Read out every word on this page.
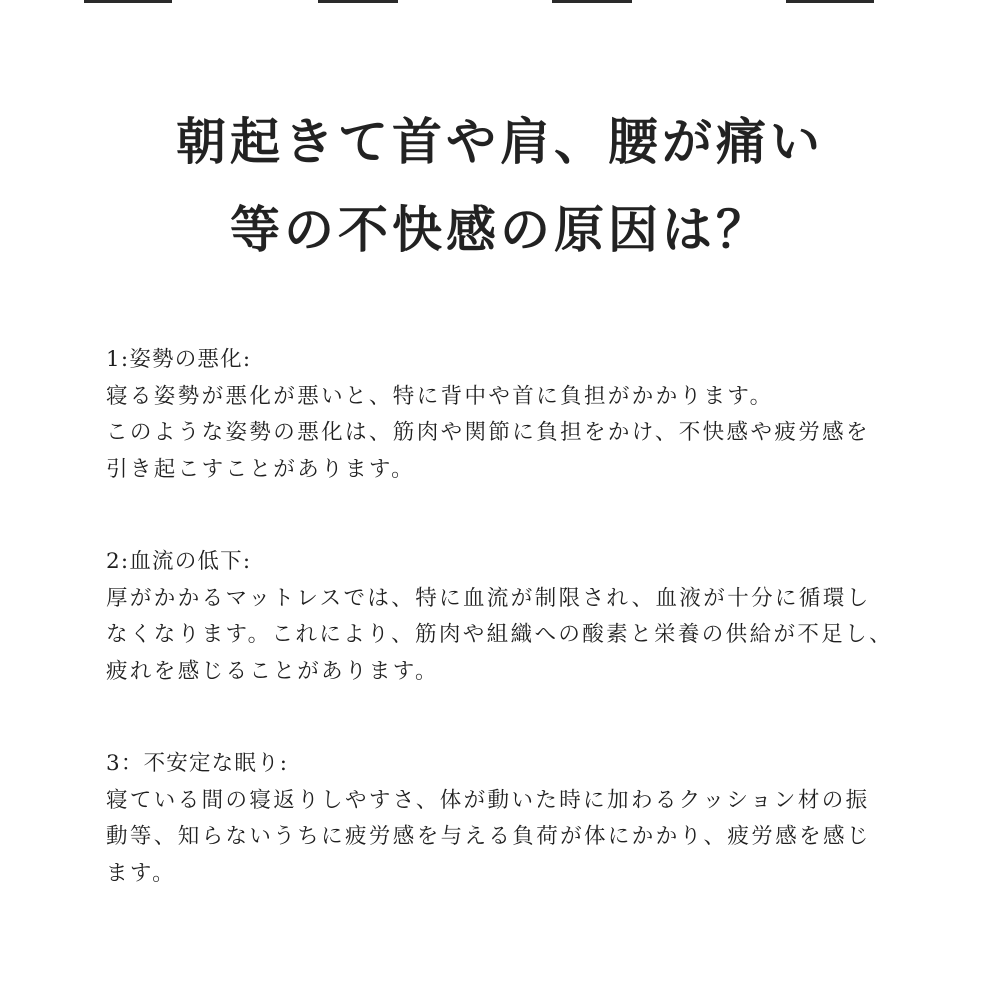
朝起きて首や肩、腰が痛い
等の不快感の原因は？
1:姿勢の悪化:
寝る姿勢が悪化が悪いと、特に背中や首に負担がかかります。
このような姿勢の悪化は、筋肉や関節に負担をかけ、不快感や疲労感を
引き起こすことがあります。
2:血流の低下:
厚がかかるマットレスでは、特に血流が制限され、血液が十分に循環し
なくなります。これにより、筋肉や組織への酸素と栄養の供給が不足し、
疲れを感じることがあります。
3：不安定な眠り:
寝ている間の寝返りしやすさ、体が動いた時に加わるクッション材の振
動等、知らないうちに疲労感を与える負荷が体にかかり、疲労感を感じ
ます。
